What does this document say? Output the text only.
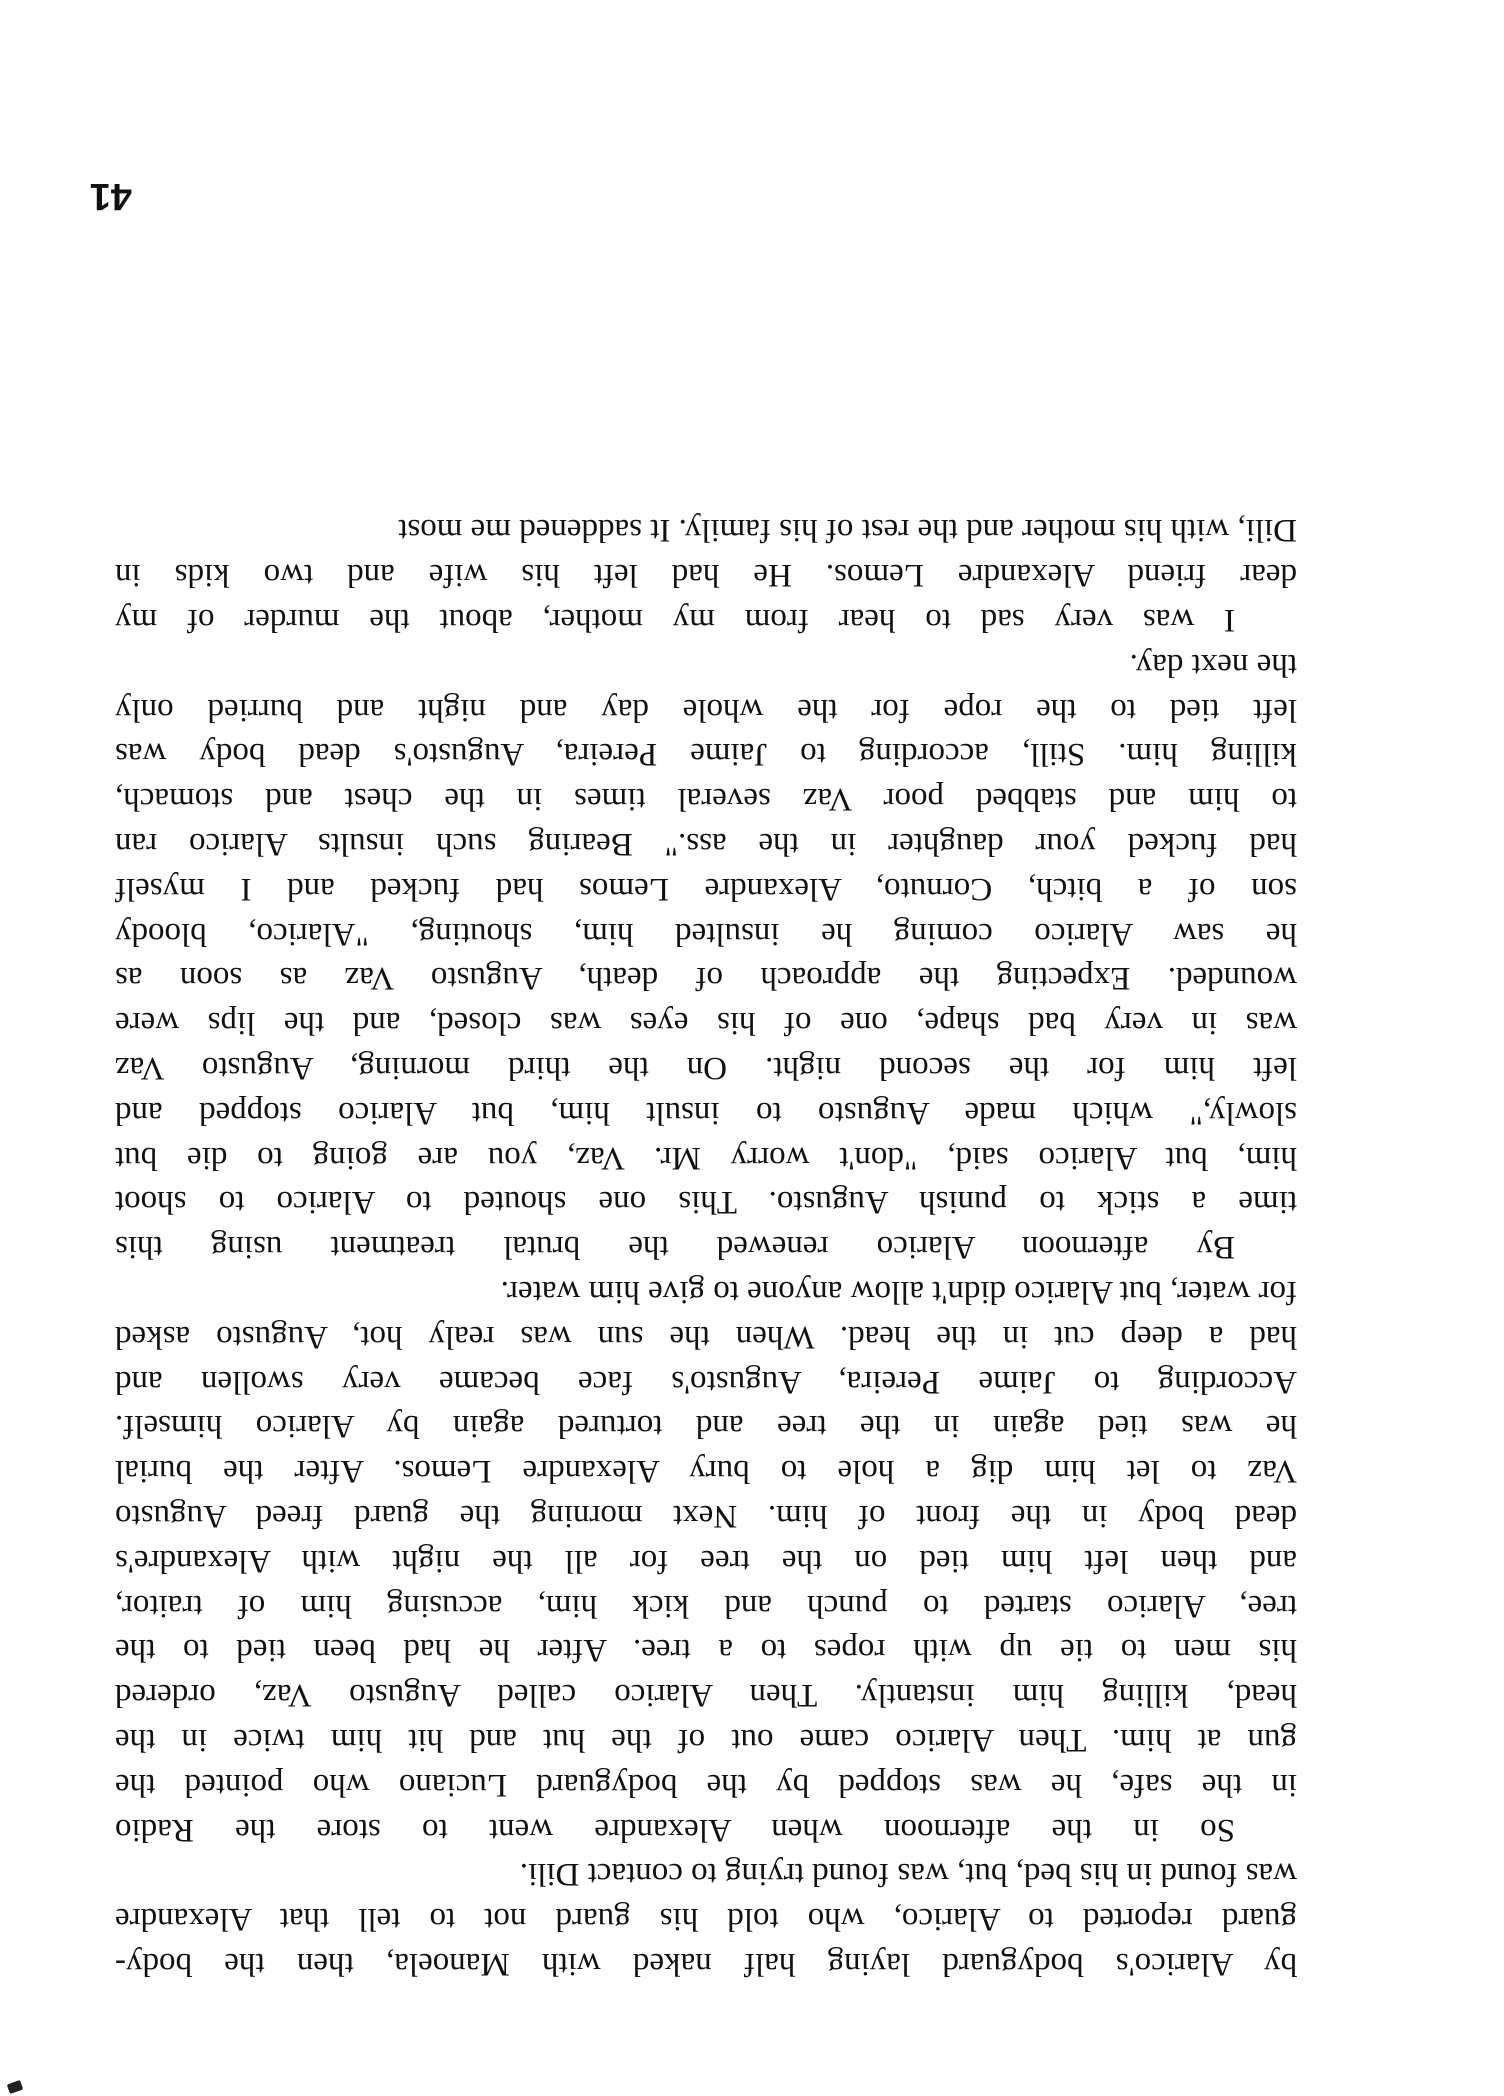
by Alarico's bodyguard laying half naked with Manoela, then the body-
guard reported to Alarico, who told his guard not to tell that Alexandre
was found in his bed, but, was found trying to contact Dili.
So in the afternoon when Alexandre went to store the Radio
in the safe, he was stopped by the bodyguard Luciano who pointed the
gun at him. Then Alarico came out of the hut and hit him twice in the
head, killing him instantly. Then Alarico called Augusto Vaz, ordered
his men to tie up with ropes to a tree. After he had been tied to the
tree, Alarico started to punch and kick him, accusing him of traitor,
and then left him tied on the tree for all the night with Alexandre's
dead body in the front of him. Next morning the guard freed Augusto
Vaz to let him dig a hole to bury Alexandre Lemos. After the burial
he was tied again in the tree and tortured again by Alarico himself.
According to Jaime Pereira, Augusto's face became very swollen and
had a deep cut in the head. When the sun was realy hot, Augusto asked
for water, but Alarico didn't allow anyone to give him water.
By afternoon Alarico renewed the brutal treatment using this
time a stick to punish Augusto. This one shouted to Alarico to shoot
him, but Alarico said, "don't worry Mr. Vaz, you are going to die but
slowly," which made Augusto to insult him, but Alarico stopped and
left him for the second night. On the third morning, Augusto Vaz
was in very bad shape, one of his eyes was closed, and the lips were
wounded. Expecting the approach of death, Augusto Vaz as soon as
he saw Alarico coming he insulted him, shouting, "Alarico, bloody
son of a bitch, Cornuto, Alexandre Lemos had fucked and I myself
had fucked your daughter in the ass." Bearing such insults Alarico ran
to him and stabbed poor Vaz several times in the chest and stomach,
killing him. Still, according to Jaime Pereira, Augusto's dead body was
left tied to the rope for the whole day and night and burried only
the next day.
I was very sad to hear from my mother, about the murder of my
dear friend Alexandre Lemos. He had left his wife and two kids in
Dili, with his mother and the rest of his family. It saddened me most
41
